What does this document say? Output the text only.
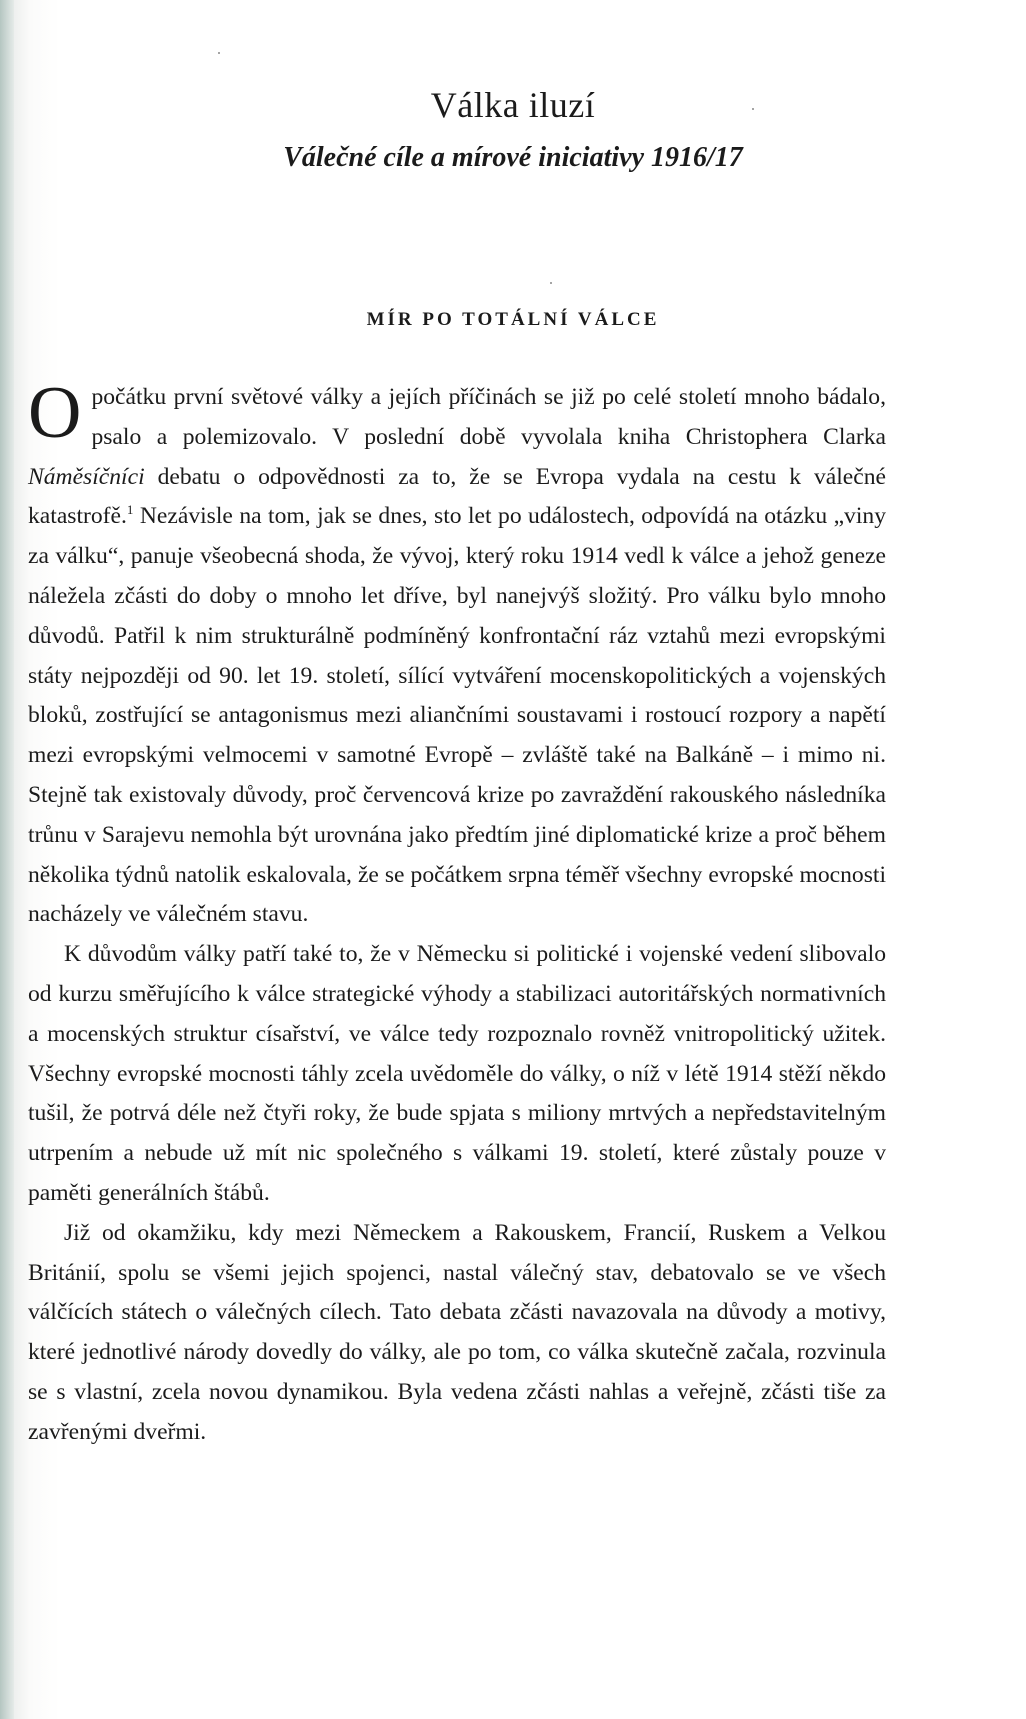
Válka iluzí
Válečné cíle a mírové iniciativy 1916/17
MÍR PO TOTÁLNÍ VÁLCE

Opočátku první světové války a jejích příčinách se již po celé století mnoho bádalo, psalo a polemizovalo. V poslední době vyvolala kniha Christophera Clarka Náměsíčníci debatu o odpovědnosti za to, že se Evropa vydala na cestu k válečné katastrofě.$^1$ Nezávisle na tom, jak se dnes, sto let po událostech, odpovídá na otázku „viny za válku“, panuje všeobecná shoda, že vývoj, který roku 1914 vedl k válce a jehož geneze náležela zčásti do doby o mnoho let dříve, byl nanejvýš složitý. Pro válku bylo mnoho důvodů. Patřil k nim strukturálně podmíněný konfrontační ráz vztahů mezi evropskými státy nejpozději od 90. let 19. století, sílící vytváření mocenskopolitických a vojenských bloků, zostřující se antagonismus mezi aliančními soustavami i rostoucí rozpory a napětí mezi evropskými velmocemi v samotné Evropě – zvláště také na Balkáně – i mimo ni. Stejně tak existovaly důvody, proč červencová krize po zavraždění rakouského následníka trůnu v Sarajevu nemohla být urovnána jako předtím jiné diplomatické krize a proč během několika týdnů natolik eskalovala, že se počátkem srpna téměř všechny evropské mocnosti nacházely ve válečném stavu.

K důvodům války patří také to, že v Německu si politické i vojenské vedení slibovalo od kurzu směřujícího k válce strategické výhody a stabilizaci autoritářských normativních a mocenských struktur císařství, ve válce tedy rozpoznalo rovněž vnitropolitický užitek. Všechny evropské mocnosti táhly zcela uvědoměle do války, o níž v létě 1914 stěží někdo tušil, že potrvá déle než čtyři roky, že bude spjata s miliony mrtvých a nepředstavitelným utrpením a nebude už mít nic společného s válkami 19. století, které zůstaly pouze v paměti generálních štábů.

Již od okamžiku, kdy mezi Německem a Rakouskem, Francií, Ruskem a Velkou Británií, spolu se všemi jejich spojenci, nastal válečný stav, debatovalo se ve všech válčících státech o válečných cílech. Tato debata zčásti navazovala na důvody a motivy, které jednotlivé národy dovedly do války, ale po tom, co válka skutečně začala, rozvinula se s vlastní, zcela novou dynamikou. Byla vedena zčásti nahlas a veřejně, zčásti tiše za zavřenými dveřmi.
